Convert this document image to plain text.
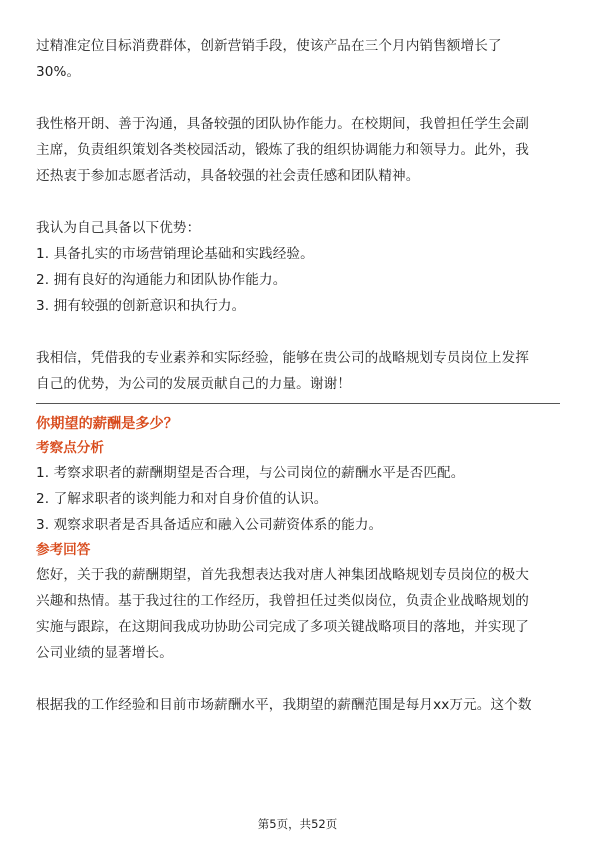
过精准定位目标消费群体，创新营销手段，使该产品在三个月内销售额增长了

30%。

我性格开朗、善于沟通，具备较强的团队协作能力。在校期间，我曾担任学生会副

主席，负责组织策划各类校园活动，锻炼了我的组织协调能力和领导力。此外，我

还热衷于参加志愿者活动，具备较强的社会责任感和团队精神。

我认为自己具备以下优势：

1. 具备扎实的市场营销理论基础和实践经验。

2. 拥有良好的沟通能力和团队协作能力。

3. 拥有较强的创新意识和执行力。

我相信，凭借我的专业素养和实际经验，能够在贵公司的战略规划专员岗位上发挥

自己的优势，为公司的发展贡献自己的力量。谢谢！

你期望的薪酬是多少？
考察点分析

1. 考察求职者的薪酬期望是否合理，与公司岗位的薪酬水平是否匹配。

2. 了解求职者的谈判能力和对自身价值的认识。

3. 观察求职者是否具备适应和融入公司薪资体系的能力。

参考回答

您好，关于我的薪酬期望，首先我想表达我对唐人神集团战略规划专员岗位的极大

兴趣和热情。基于我过往的工作经历，我曾担任过类似岗位，负责企业战略规划的

实施与跟踪，在这期间我成功协助公司完成了多项关键战略项目的落地，并实现了

公司业绩的显著增长。

根据我的工作经验和目前市场薪酬水平，我期望的薪酬范围是每月xx万元。这个数

第5页，共52页
